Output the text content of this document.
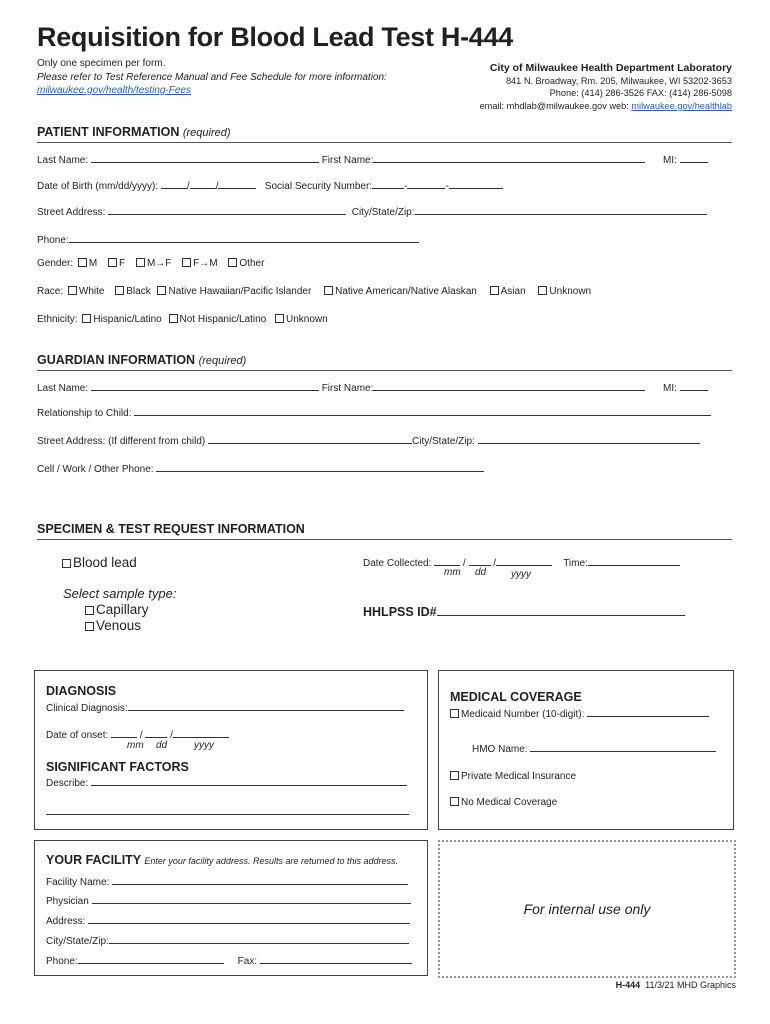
Requisition for Blood Lead Test H-444
Only one specimen per form.
Please refer to Test Reference Manual and Fee Schedule for more information:
milwaukee.gov/health/testing-Fees
City of Milwaukee Health Department Laboratory
841 N. Broadway, Rm. 205, Milwaukee, WI 53202-3653
Phone: (414) 286-3526 FAX: (414) 286-5098
email: mhdlab@milwaukee.gov web: milwaukee.gov/healthlab
PATIENT INFORMATION (required)
Last Name:	First Name:	MI:
Date of Birth (mm/dd/yyyy):	/	/	Social Security Number:	-	-
Street Address:	City/State/Zip:
Phone:
Gender: M F M→F F→M Other
Race: White Black Native Hawaiian/Pacific Islander Native American/Native Alaskan Asian Unknown
Ethnicity: Hispanic/Latino Not Hispanic/Latino Unknown
GUARDIAN INFORMATION (required)
Last Name:	First Name:	MI:
Relationship to Child:
Street Address: (If different from child)	City/State/Zip:
Cell / Work / Other Phone:
SPECIMEN & TEST REQUEST INFORMATION
Blood lead	Date Collected:	/  /	Time:
mm dd yyyy
Select sample type:
Capillary
Venous
HHLPSS ID#
DIAGNOSIS
Clinical Diagnosis:
Date of onset:	/  /
mm dd	yyyy
SIGNIFICANT FACTORS
Describe:
MEDICAL COVERAGE
Medicaid Number (10-digit):
HMO Name:
Private Medical Insurance
No Medical Coverage
YOUR FACILITY Enter your facility address. Results are returned to this address.
Facility Name:
Physician
Address:
City/State/Zip:
Phone:	Fax:
For internal use only
H-444 11/3/21 MHD Graphics
